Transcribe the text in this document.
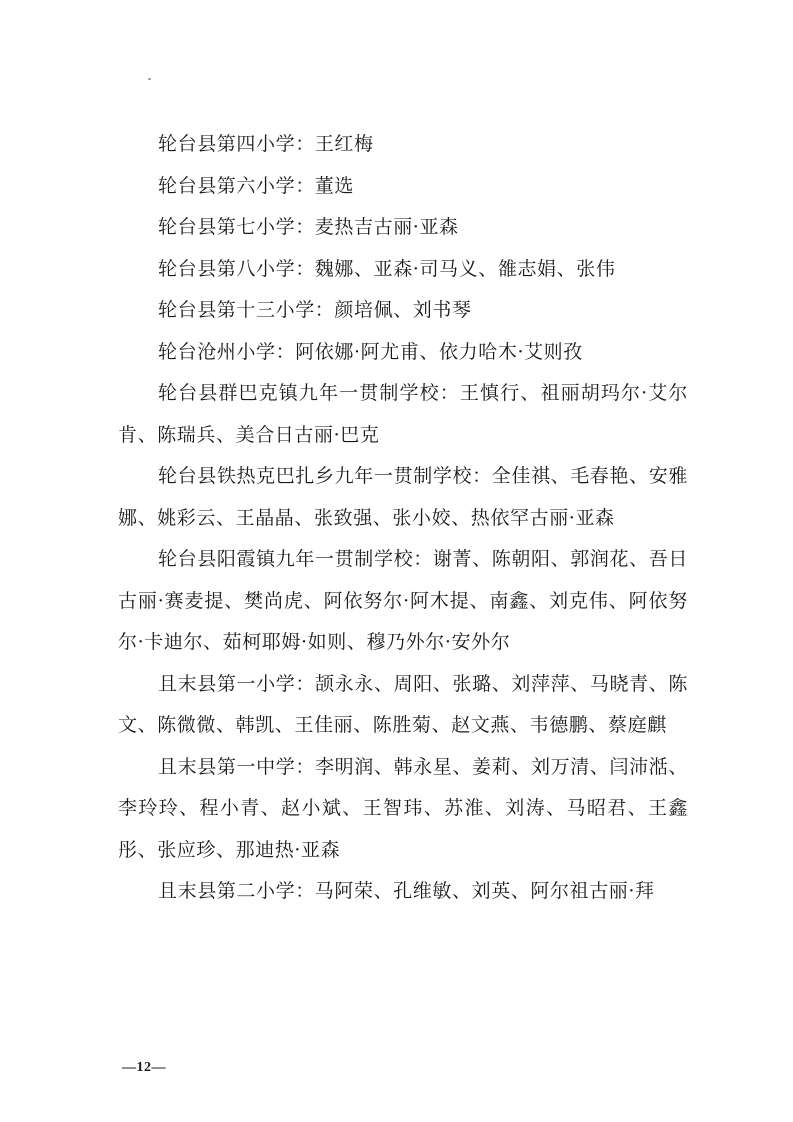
轮台县第四小学：王红梅

轮台县第六小学：董选

轮台县第七小学：麦热吉古丽·亚森

轮台县第八小学：魏娜、亚森·司马义、雒志娟、张伟

轮台县第十三小学：颜培佩、刘书琴

轮台沧州小学：阿依娜·阿尤甫、依力哈木·艾则孜

轮台县群巴克镇九年一贯制学校：王慎行、祖丽胡玛尔·艾尔肯、陈瑞兵、美合日古丽·巴克

轮台县铁热克巴扎乡九年一贯制学校：全佳祺、毛春艳、安雅娜、姚彩云、王晶晶、张致强、张小姣、热依罕古丽·亚森

轮台县阳霞镇九年一贯制学校：谢菁、陈朝阳、郭润花、吾日古丽·赛麦提、樊尚虎、阿依努尔·阿木提、南鑫、刘克伟、阿依努尔·卡迪尔、茹柯耶姆·如则、穆乃外尔·安外尔

且末县第一小学：颉永永、周阳、张璐、刘萍萍、马晓青、陈文、陈微微、韩凯、王佳丽、陈胜菊、赵文燕、韦德鹏、蔡庭麒

且末县第一中学：李明润、韩永星、姜莉、刘万清、闫沛湉、李玲玲、程小青、赵小斌、王智玮、苏淮、刘涛、马昭君、王鑫彤、张应珍、那迪热·亚森

且末县第二小学：马阿荣、孔维敏、刘英、阿尔祖古丽·拜

—12—
